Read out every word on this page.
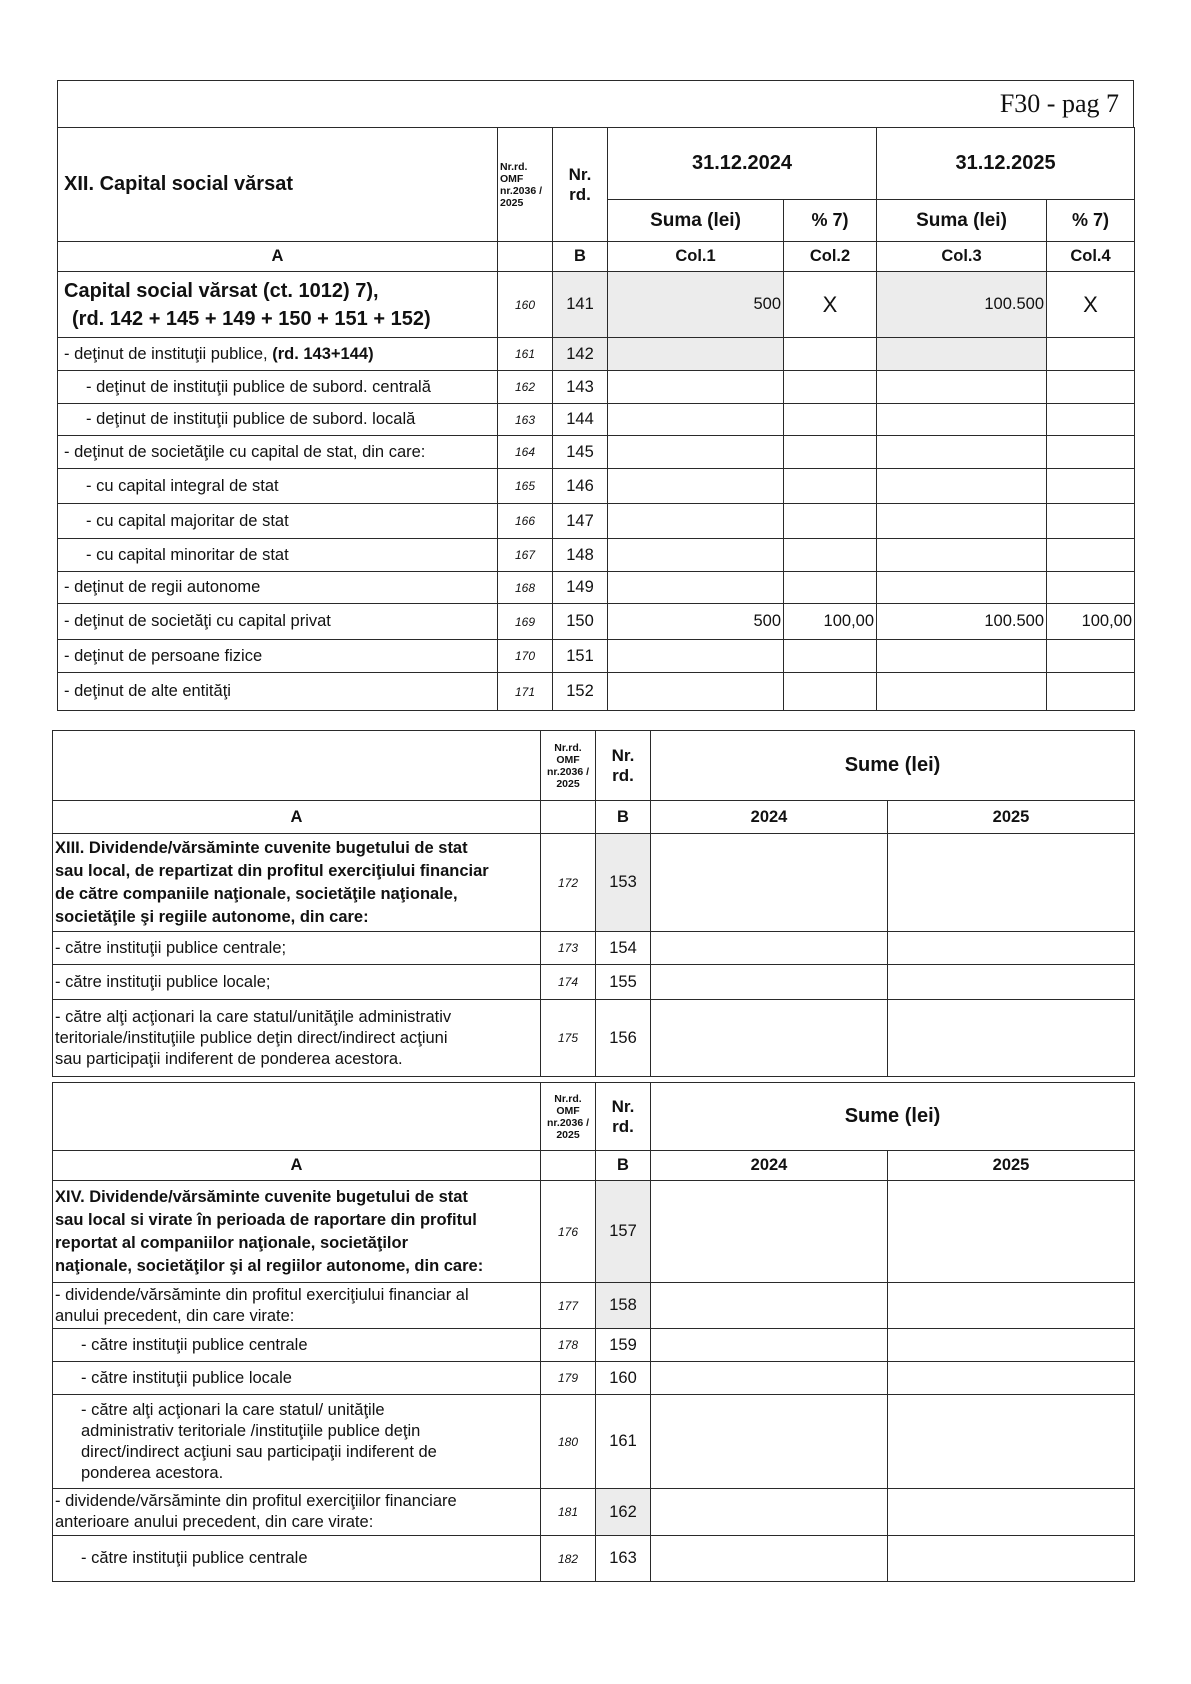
F30 - pag 7
XII. Capital social vărsat	Nr.rd. OMF nr.2036 / 2025	Nr. rd.	31.12.2024		31.12.2025	
			Suma (lei)	% 7)	Suma (lei)	% 7)
A		B	Col.1	Col.2	Col.3	Col.4

Capital social vărsat (ct. 1012) 7),
(rd. 142 + 145 + 149 + 150 + 151 + 152)	160	141	500	X	100.500	X
- deţinut de instituţii publice, (rd. 143+144)	161	142				
- deţinut de instituţii publice de subord. centrală	162	143				
- deţinut de instituţii publice de subord. locală	163	144				
- deţinut de societăţile cu capital de stat, din care:	164	145				
- cu capital integral de stat	165	146				
- cu capital majoritar de stat	166	147				
- cu capital minoritar de stat	167	148				
- deţinut de regii autonome	168	149				
- deţinut de societăţi cu capital privat	169	150	500	100,00	100.500	100,00
- deţinut de persoane fizice	170	151				
- deţinut de alte entităţi	171	152				
	Nr.rd. OMF nr.2036 / 2025	Nr. rd.	Sume (lei)	
A		B	2024	2025

XIII. Dividende/vărsăminte cuvenite bugetului de stat
sau local, de repartizat din profitul exerciţiului financiar
de către companiile naţionale, societăţile naţionale,
societăţile şi regiile autonome, din care:	172	153		

- către instituţii publice centrale;	173	154		

- către instituţii publice locale;	174	155		

- către alţi acţionari la care statul/unităţile administrativ
teritoriale/instituţiile publice deţin direct/indirect acţiuni
sau participaţii indiferent de ponderea acestora.	175	156		
	Nr.rd. OMF nr.2036 / 2025	Nr. rd.	Sume (lei)	
A		B	2024	2025

XIV. Dividende/vărsăminte cuvenite bugetului de stat
sau local si virate în perioada de raportare din profitul
reportat al companiilor naţionale, societăţilor
naţionale, societăţilor şi al regiilor autonome, din care:	176	157		

- dividende/vărsăminte din profitul exerciţiului financiar al
anului precedent, din care virate:	177	158		

- către instituţii publice centrale	178	159		

- către instituţii publice locale	179	160		

- către alţi acţionari la care statul/ unităţile
administrativ teritoriale /instituţiile publice deţin
direct/indirect acţiuni sau participaţii indiferent de
ponderea acestora.	180	161		

- dividende/vărsăminte din profitul exerciţiilor financiare
anterioare anului precedent, din care virate:	181	162		

- către instituţii publice centrale	182	163		
